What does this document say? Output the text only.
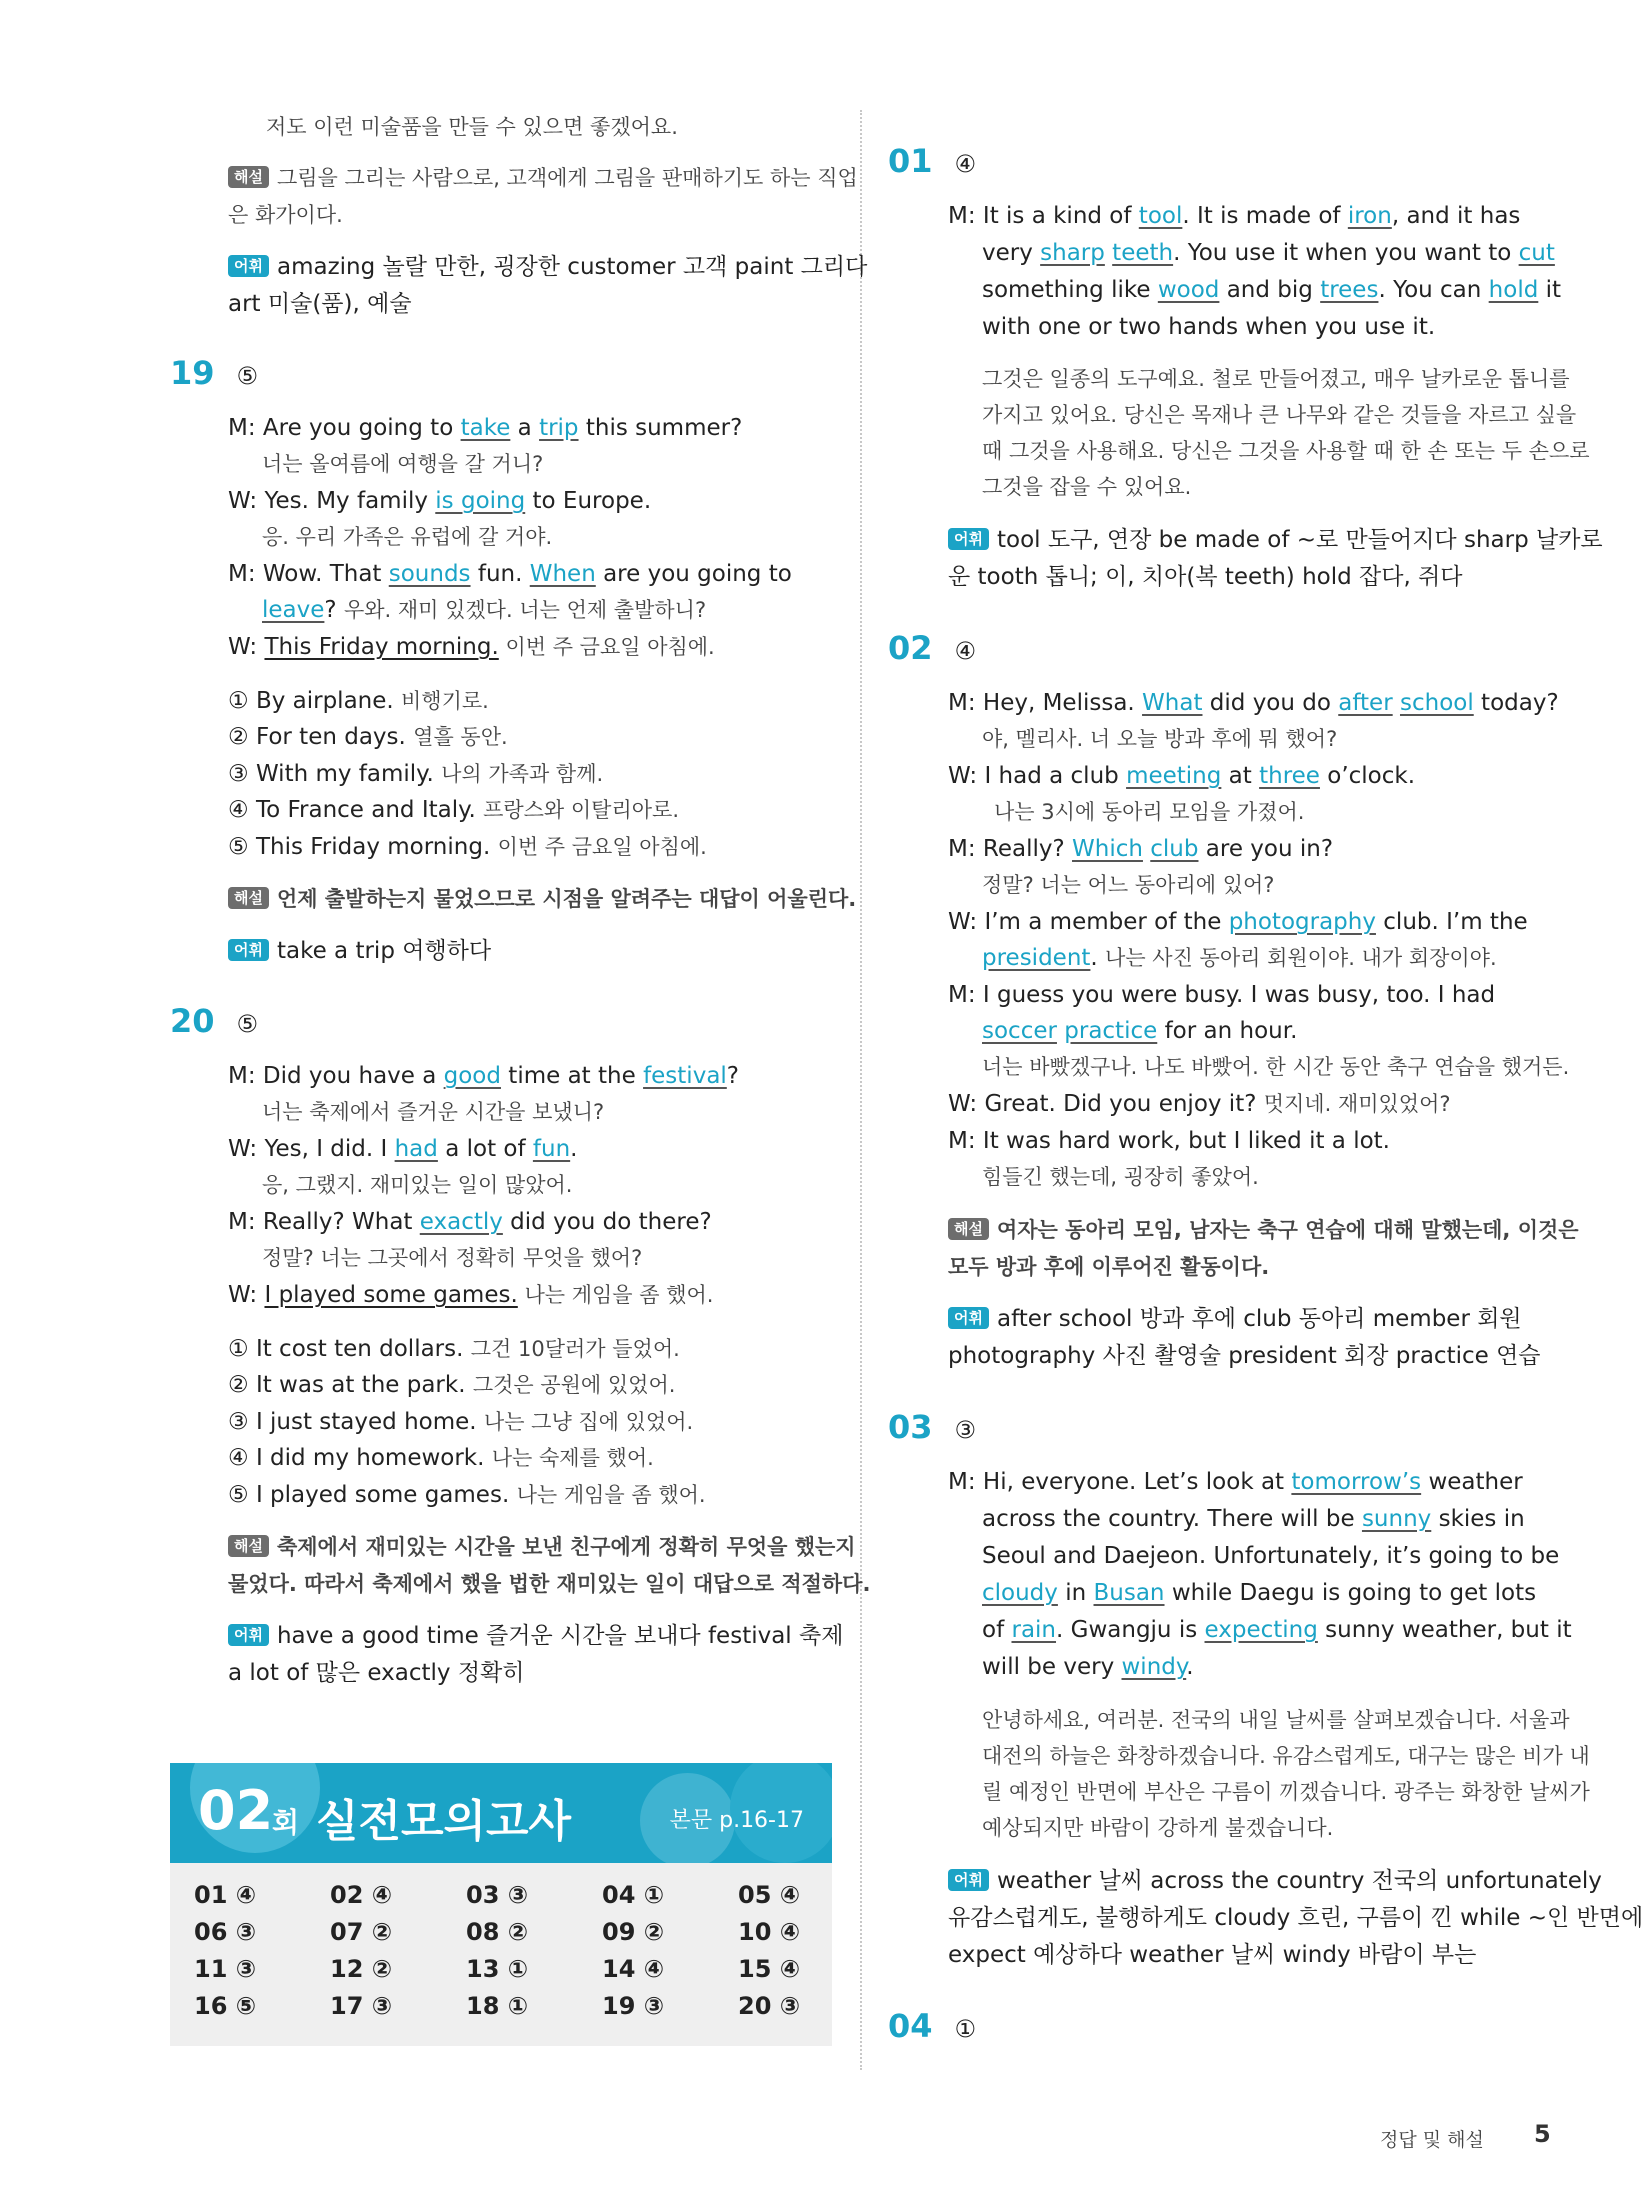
저도 이런 미술품을 만들 수 있으면 좋겠어요.
해설 그림을 그리는 사람으로, 고객에게 그림을 판매하기도 하는 직업
은 화가이다.
어휘 amazing 놀랄 만한, 굉장한 customer 고객 paint 그리다
art 미술(품), 예술
19 ⑤
M: Are you going to take a trip this summer?
너는 올여름에 여행을 갈 거니?
W: Yes. My family is going to Europe.
응. 우리 가족은 유럽에 갈 거야.
M: Wow. That sounds fun. When are you going to
leave? 우와. 재미 있겠다. 너는 언제 출발하니?
W: This Friday morning. 이번 주 금요일 아침에.
① By airplane. 비행기로.
② For ten days. 열흘 동안.
③ With my family. 나의 가족과 함께.
④ To France and Italy. 프랑스와 이탈리아로.
⑤ This Friday morning. 이번 주 금요일 아침에.
해설 언제 출발하는지 물었으므로 시점을 알려주는 대답이 어울린다.
어휘 take a trip 여행하다
20 ⑤
M: Did you have a good time at the festival?
너는 축제에서 즐거운 시간을 보냈니?
W: Yes, I did. I had a lot of fun.
응, 그랬지. 재미있는 일이 많았어.
M: Really? What exactly did you do there?
정말? 너는 그곳에서 정확히 무엇을 했어?
W: I played some games. 나는 게임을 좀 했어.
① It cost ten dollars. 그건 10달러가 들었어.
② It was at the park. 그것은 공원에 있었어.
③ I just stayed home. 나는 그냥 집에 있었어.
④ I did my homework. 나는 숙제를 했어.
⑤ I played some games. 나는 게임을 좀 했어.
해설 축제에서 재미있는 시간을 보낸 친구에게 정확히 무엇을 했는지
물었다. 따라서 축제에서 했을 법한 재미있는 일이 대답으로 적절하다.
어휘 have a good time 즐거운 시간을 보내다 festival 축제
a lot of 많은 exactly 정확히
02
회 실전모의고사	본문 p.16-17
01 ④	02 ④	03 ③	04 ①	05 ④
06 ③	07 ②	08 ②	09 ②	10 ④
11 ③	12 ②	13 ①	14 ④	15 ④
16 ⑤	17 ③	18 ①	19 ③	20 ③
01 ④
M: It is a kind of tool. It is made of iron, and it has
very sharp teeth. You use it when you want to cut
something like wood and big trees. You can hold it
with one or two hands when you use it.
그것은 일종의 도구예요. 철로 만들어졌고, 매우 날카로운 톱니를
가지고 있어요. 당신은 목재나 큰 나무와 같은 것들을 자르고 싶을
때 그것을 사용해요. 당신은 그것을 사용할 때 한 손 또는 두 손으로
그것을 잡을 수 있어요.
어휘 tool 도구, 연장 be made of ~로 만들어지다 sharp 날카로
운 tooth 톱니; 이, 치아(복 teeth) hold 잡다, 쥐다
02 ④
M: Hey, Melissa. What did you do after school today?
야, 멜리사. 너 오늘 방과 후에 뭐 했어?
W: I had a club meeting at three o’clock.
나는 3시에 동아리 모임을 가졌어.
M: Really? Which club are you in?
정말? 너는 어느 동아리에 있어?
W: I’m a member of the photography club. I’m the
president. 나는 사진 동아리 회원이야. 내가 회장이야.
M: I guess you were busy. I was busy, too. I had
soccer practice for an hour.
너는 바빴겠구나. 나도 바빴어. 한 시간 동안 축구 연습을 했거든.
W: Great. Did you enjoy it? 멋지네. 재미있었어?
M: It was hard work, but I liked it a lot.
힘들긴 했는데, 굉장히 좋았어.
해설 여자는 동아리 모임, 남자는 축구 연습에 대해 말했는데, 이것은
모두 방과 후에 이루어진 활동이다.
어휘 after school 방과 후에 club 동아리 member 회원
photography 사진 촬영술 president 회장 practice 연습
03 ③
M: Hi, everyone. Let’s look at tomorrow’s weather
across the country. There will be sunny skies in
Seoul and Daejeon. Unfortunately, it’s going to be
cloudy in Busan while Daegu is going to get lots
of rain. Gwangju is expecting sunny weather, but it
will be very windy.
안녕하세요, 여러분. 전국의 내일 날씨를 살펴보겠습니다. 서울과
대전의 하늘은 화창하겠습니다. 유감스럽게도, 대구는 많은 비가 내
릴 예정인 반면에 부산은 구름이 끼겠습니다. 광주는 화창한 날씨가
예상되지만 바람이 강하게 불겠습니다.
어휘 weather 날씨 across the country 전국의 unfortunately
유감스럽게도, 불행하게도 cloudy 흐린, 구름이 낀 while ~인 반면에
expect 예상하다 weather 날씨 windy 바람이 부는
04 ①
정답 및 해설 5
